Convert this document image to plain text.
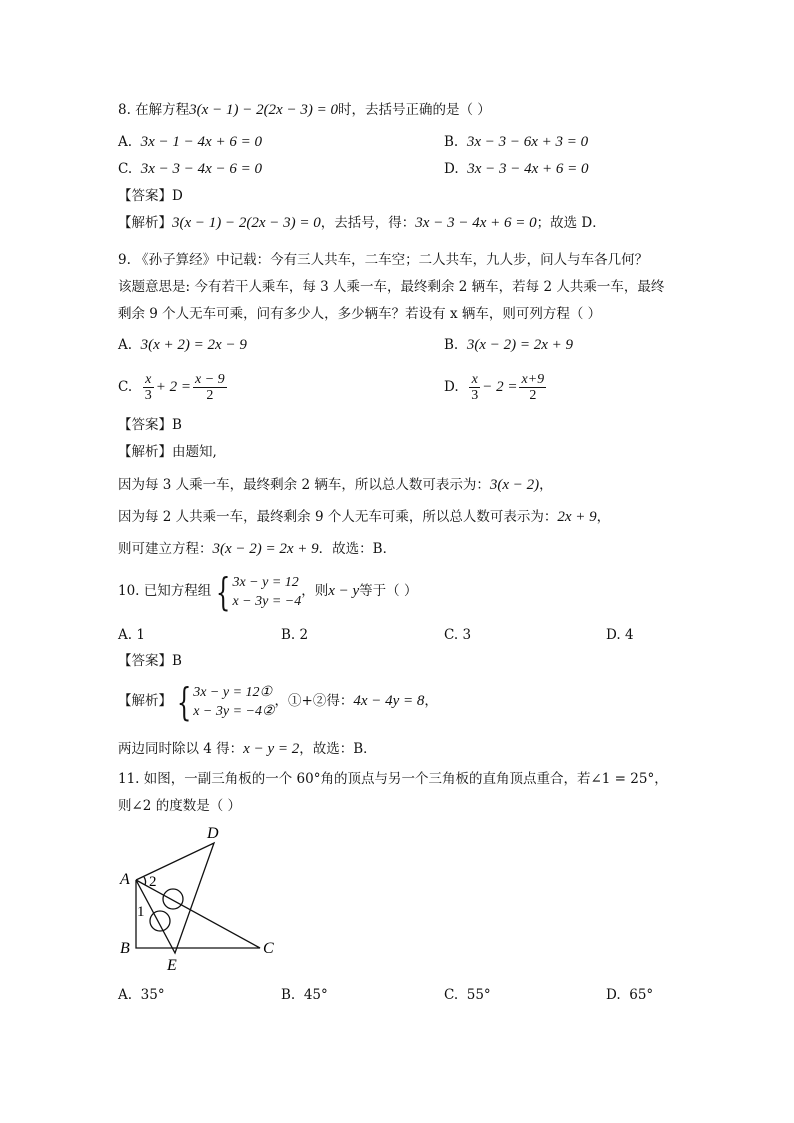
8. 在解方程3(x − 1) − 2(2x − 3) = 0时，去括号正确的是（ ）
A. 3x − 1 − 4x + 6 = 0	B. 3x − 3 − 6x + 3 = 0
C. 3x − 3 − 4x − 6 = 0	D. 3x − 3 − 4x + 6 = 0
【答案】D
【解析】3(x − 1) − 2(2x − 3) = 0，去括号，得：3x − 3 − 4x + 6 = 0；故选 D．
9. 《孙子算经》中记载：今有三人共车，二车空；二人共车，九人步，问人与车各几何？
该题意思是: 今有若干人乘车，每 3 人乘一车，最终剩余 2 辆车，若每 2 人共乘一车，最终
剩余 9 个人无车可乘，问有多少人，多少辆车？若设有 x 辆车，则可列方程（ ）
A. 3(x + 2) = 2x − 9	B. 3(x − 2) = 2x + 9
C. $\frac{x}{3} + 2 = \frac{x - 9}{2}$	D. $\frac{x}{3} - 2 = \frac{x+9}{2}$
【答案】B
【解析】由题知,
因为每 3 人乘一车，最终剩余 2 辆车，所以总人数可表示为：3(x − 2)，
因为每 2 人共乘一车，最终剩余 9 个人无车可乘，所以总人数可表示为：2x + 9，
则可建立方程：3(x − 2) = 2x + 9．故选：B．
10. 已知方程组 { 3x − y = 12
x − 3y = −4
，则x − y等于（ ）
A. 1	B. 2	C. 3	D. 4
【答案】B
【解析】 { 3x − y = 12①
x − 3y = −4②
，①+②得：4x − 4y = 8，
两边同时除以 4 得：x − y = 2，故选：B．
11. 如图，一副三角板的一个 60°角的顶点与另一个三角板的直角顶点重合，若∠1 = 25°，
则∠2 的度数是（ ）
A
B	C
D
E
1
2
A. 35°	B. 45°	C. 55°	D. 65°
